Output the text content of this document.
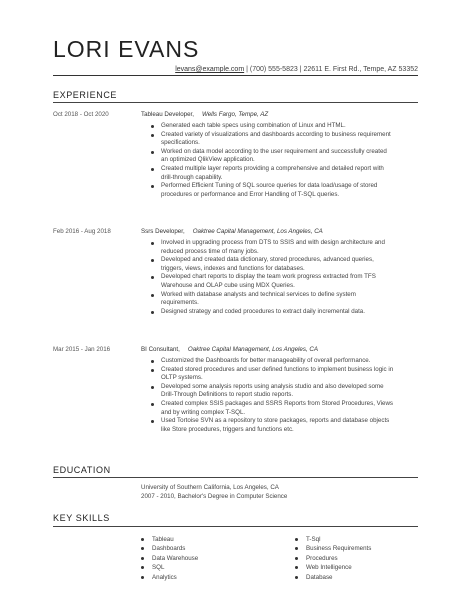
LORI EVANS
levans@example.com | (700) 555-5823 | 22611 E. First Rd., Tempe, AZ 53352
EXPERIENCE
Oct 2018 - Oct 2020	Tableau Developer, Wells Fargo, Tempe, AZ
Generated each table specs using combination of Linux and HTML.
Created variety of visualizations and dashboards according to business requirement specifications.
Worked on data model according to the user requirement and successfully created an optimized QlikView application.
Created multiple layer reports providing a comprehensive and detailed report with drill-through capability.
Performed Efficient Tuning of SQL source queries for data load/usage of stored procedures or performance and Error Handling of T-SQL queries.
Feb 2016 - Aug 2018	Ssrs Developer, Oaktree Capital Management, Los Angeles, CA
Involved in upgrading process from DTS to SSIS and with design architecture and reduced process time of many jobs.
Developed and created data dictionary, stored procedures, advanced queries, triggers, views, indexes and functions for databases.
Developed chart reports to display the team work progress extracted from TFS Warehouse and OLAP cube using MDX Queries.
Worked with database analysts and technical services to define system requirements.
Designed strategy and coded procedures to extract daily incremental data.
Mar 2015 - Jan 2016	BI Consultant, Oaktree Capital Management, Los Angeles, CA
Customized the Dashboards for better manageability of overall performance.
Created stored procedures and user defined functions to implement business logic in OLTP systems.
Developed some analysis reports using analysis studio and also developed some Drill-Through Definitions to report studio reports.
Created complex SSIS packages and SSRS Reports from Stored Procedures, Views and by writing complex T-SQL.
Used Tortoise SVN as a repository to store packages, reports and database objects like Store procedures, triggers and functions etc.
EDUCATION
University of Southern California, Los Angeles, CA
2007 - 2010, Bachelor's Degree in Computer Science
KEY SKILLS
Tableau
Dashboards
Data Warehouse
SQL
Analytics
T-Sql
Business Requirements
Procedures
Web Intelligence
Database
